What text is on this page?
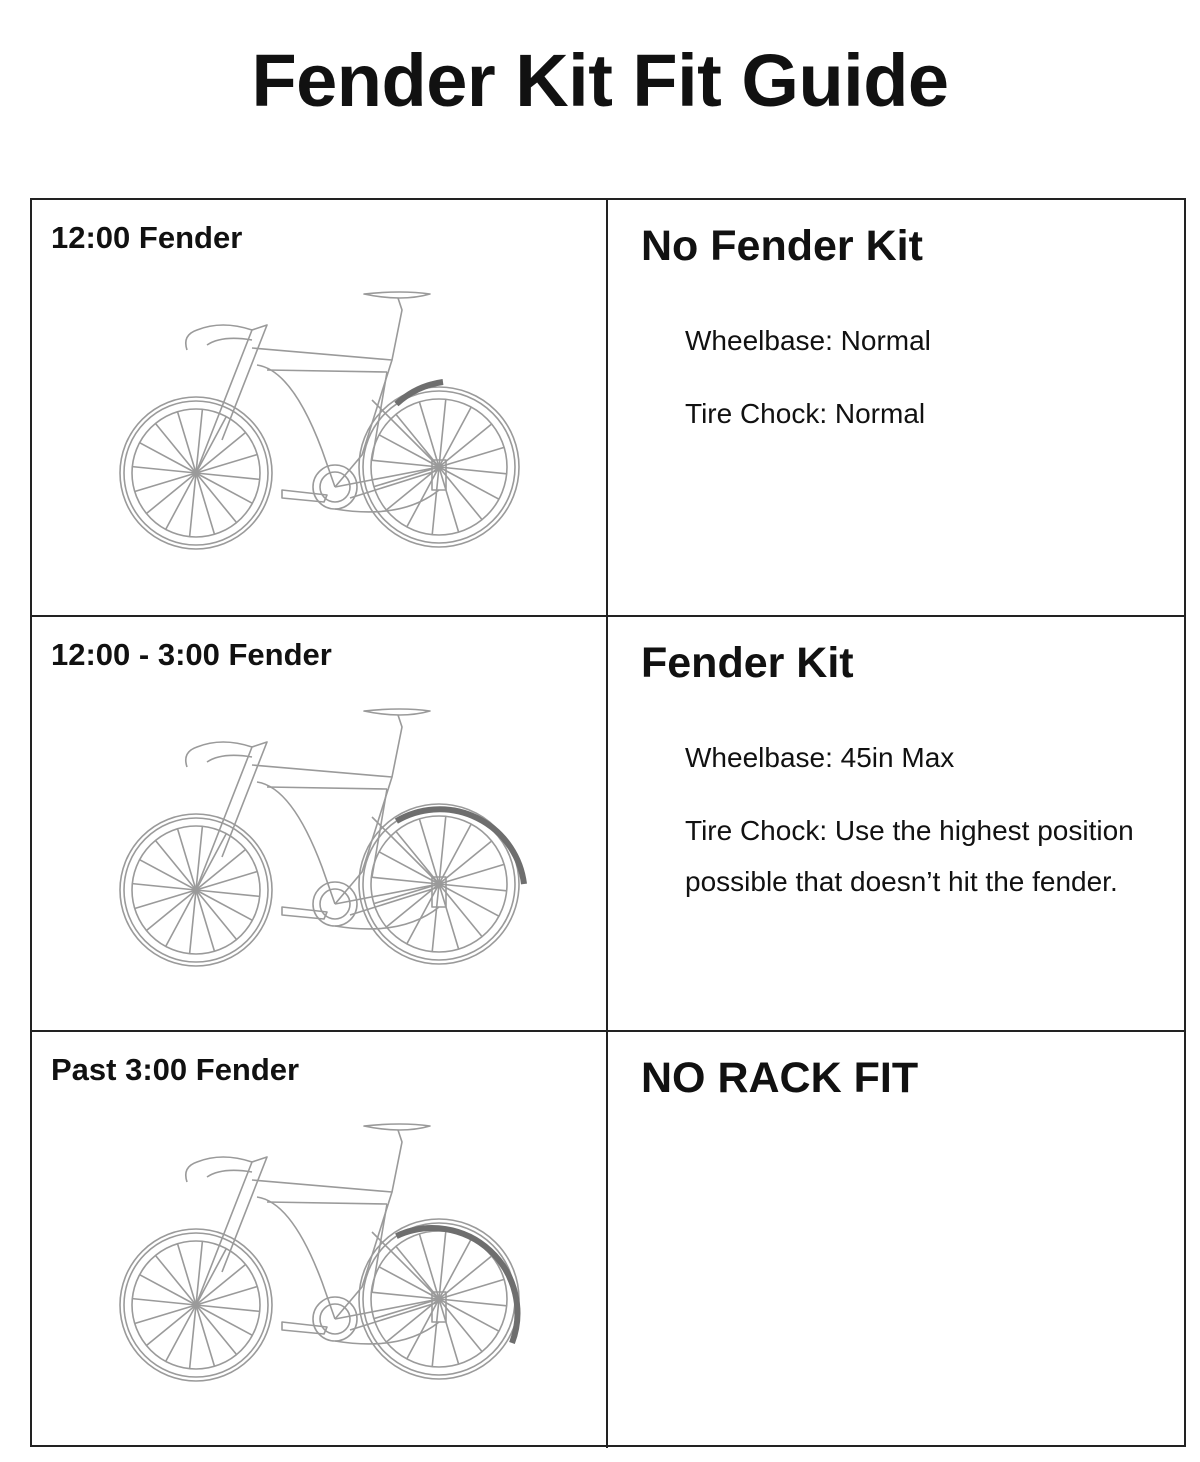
Fender Kit Fit Guide
12:00 Fender	No Fender Kit

Wheelbase: Normal

Tire Chock: Normal

12:00 - 3:00 Fender	Fender Kit

Wheelbase: 45in Max

Tire Chock: Use the highest position possible that doesn’t hit the fender.

Past 3:00 Fender	NO RACK FIT
